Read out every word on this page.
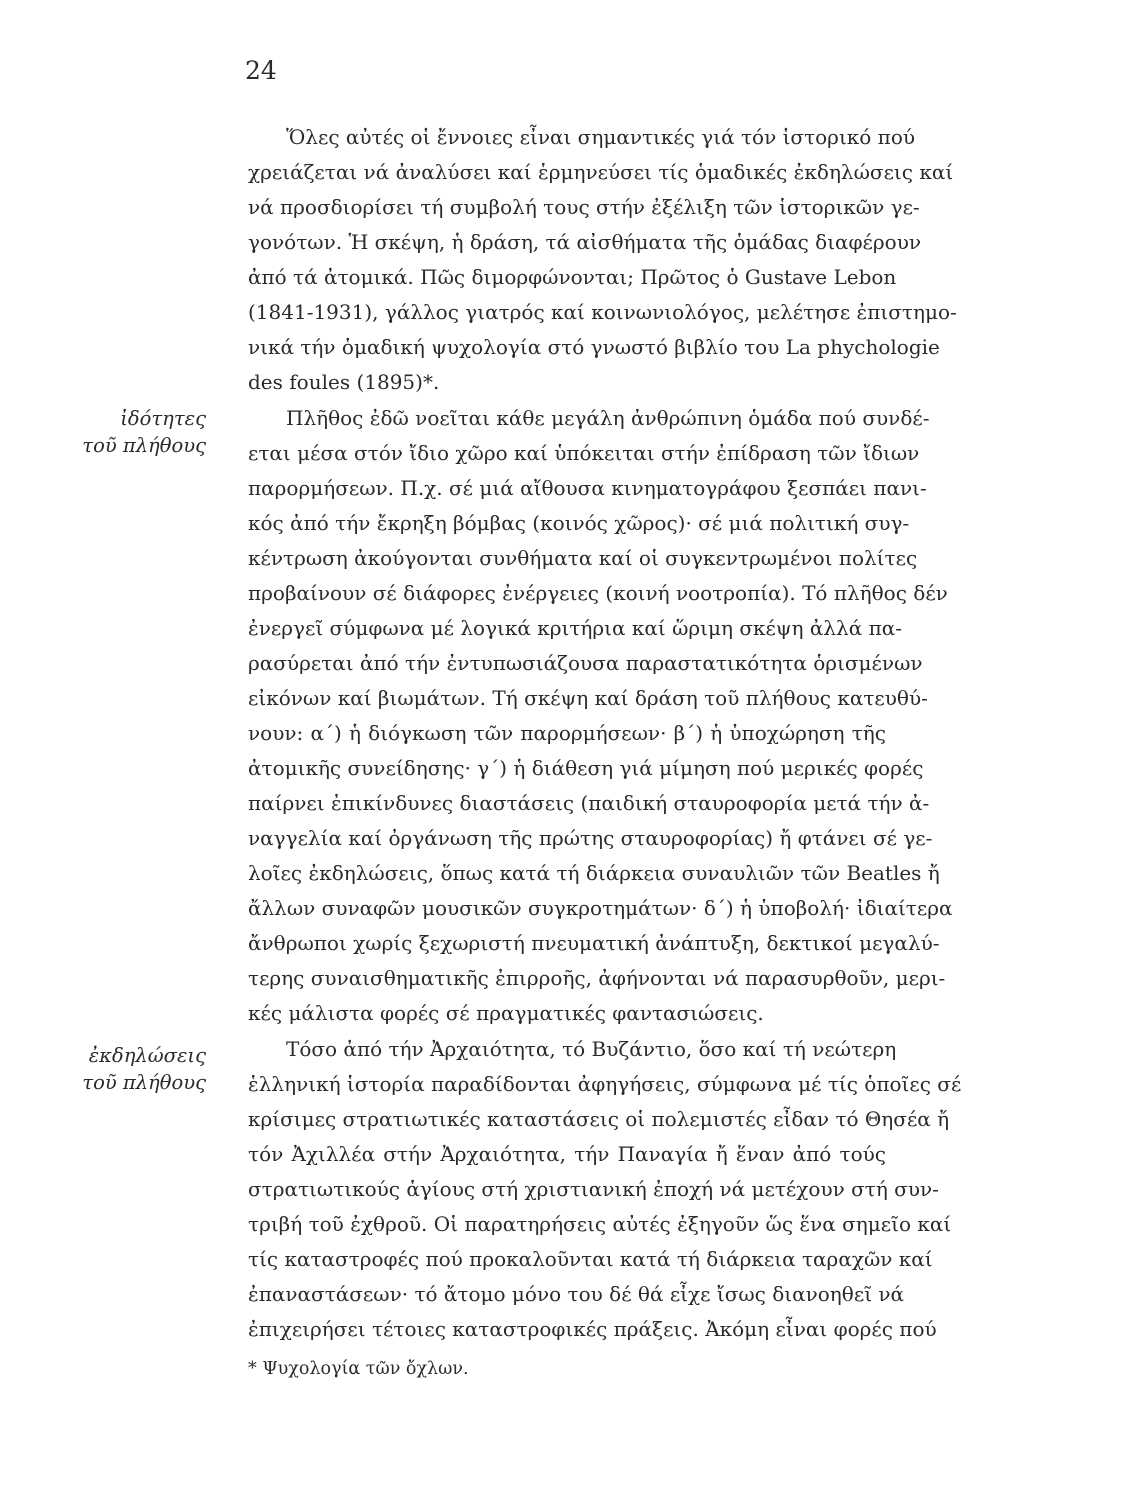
24
ἰδότητες
τοῦ πλήθους
ἐκδηλώσεις
τοῦ πλήθους
Ὅλες αὐτές οἱ ἔννοιες εἶναι σημαντικές γιά τόν ἱστορικό πού
χρειάζεται νά ἀναλύσει καί ἑρμηνεύσει τίς ὁμαδικές ἐκδηλώσεις καί
νά προσδιορίσει τή συμβολή τους στήν ἐξέλιξη τῶν ἱστορικῶν γε-
γονότων. Ἡ σκέψη, ἡ δράση, τά αἰσθήματα τῆς ὁμάδας διαφέρουν
ἀπό τά ἀτομικά. Πῶς διμορφώνονται; Πρῶτος ὁ Gustave Lebon
(1841-1931), γάλλος γιατρός καί κοινωνιολόγος, μελέτησε ἐπιστημο-
νικά τήν ὁμαδική ψυχολογία στό γνωστό βιβλίο του La phychologie
des foules (1895)*.
Πλῆθος ἐδῶ νοεῖται κάθε μεγάλη ἀνθρώπινη ὁμάδα πού συνδέ-
εται μέσα στόν ἴδιο χῶρο καί ὑπόκειται στήν ἐπίδραση τῶν ἴδιων
παρορμήσεων. Π.χ. σέ μιά αἴθουσα κινηματογράφου ξεσπάει πανι-
κός ἀπό τήν ἔκρηξη βόμβας (κοινός χῶρος)· σέ μιά πολιτική συγ-
κέντρωση ἀκούγονται συνθήματα καί οἱ συγκεντρωμένοι πολίτες
προβαίνουν σέ διάφορες ἐνέργειες (κοινή νοοτροπία). Τό πλῆθος δέν
ἐνεργεῖ σύμφωνα μέ λογικά κριτήρια καί ὥριμη σκέψη ἀλλά πα-
ρασύρεται ἀπό τήν ἐντυπωσιάζουσα παραστατικότητα ὁρισμένων
εἰκόνων καί βιωμάτων. Τή σκέψη καί δράση τοῦ πλήθους κατευθύ-
νουν: α΄) ἡ διόγκωση τῶν παρορμήσεων· β΄) ἡ ὑποχώρηση τῆς
ἀτομικῆς συνείδησης· γ΄) ἡ διάθεση γιά μίμηση πού μερικές φορές
παίρνει ἐπικίνδυνες διαστάσεις (παιδική σταυροφορία μετά τήν ἀ-
ναγγελία καί ὀργάνωση τῆς πρώτης σταυροφορίας) ἤ φτάνει σέ γε-
λοῖες ἐκδηλώσεις, ὅπως κατά τή διάρκεια συναυλιῶν τῶν Beatles ἤ
ἄλλων συναφῶν μουσικῶν συγκροτημάτων· δ΄) ἡ ὑποβολή· ἰδιαίτερα
ἄνθρωποι χωρίς ξεχωριστή πνευματική ἀνάπτυξη, δεκτικοί μεγαλύ-
τερης συναισθηματικῆς ἐπιρροῆς, ἀφήνονται νά παρασυρθοῦν, μερι-
κές μάλιστα φορές σέ πραγματικές φαντασιώσεις.
Τόσο ἀπό τήν Ἀρχαιότητα, τό Βυζάντιο, ὅσο καί τή νεώτερη
ἑλληνική ἱστορία παραδίδονται ἀφηγήσεις, σύμφωνα μέ τίς ὁποῖες σέ
κρίσιμες στρατιωτικές καταστάσεις οἱ πολεμιστές εἶδαν τό Θησέα ἤ
τόν Ἀχιλλέα στήν Ἀρχαιότητα, τήν Παναγία ἤ ἕναν ἀπό τούς
στρατιωτικούς ἁγίους στή χριστιανική ἐποχή νά μετέχουν στή συν-
τριβή τοῦ ἐχθροῦ. Οἱ παρατηρήσεις αὐτές ἐξηγοῦν ὥς ἕνα σημεῖο καί
τίς καταστροφές πού προκαλοῦνται κατά τή διάρκεια ταραχῶν καί
ἐπαναστάσεων· τό ἄτομο μόνο του δέ θά εἶχε ἴσως διανοηθεῖ νά
ἐπιχειρήσει τέτοιες καταστροφικές πράξεις. Ἀκόμη εἶναι φορές πού
* Ψυχολογία τῶν ὄχλων.
